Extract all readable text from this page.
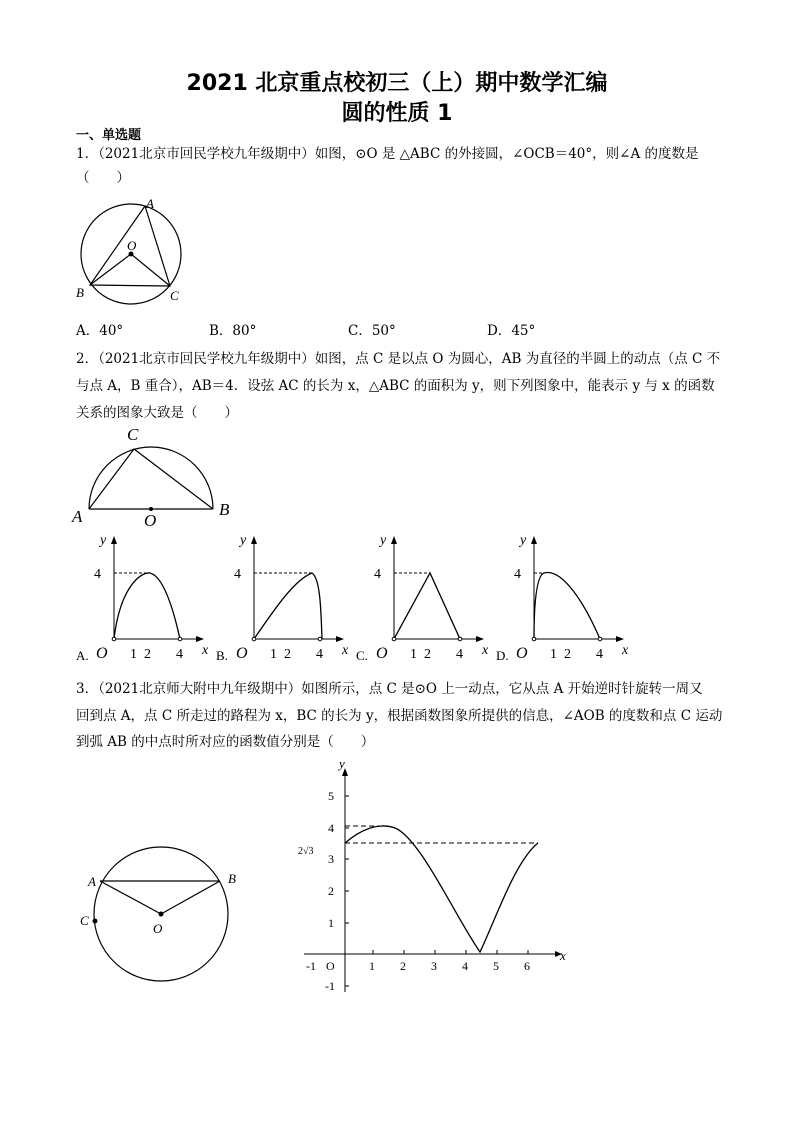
2021 北京重点校初三（上）期中数学汇编
圆的性质 1
一、单选题
1．（2021北京市回民学校九年级期中）如图，⊙O 是 △ABC 的外接圆，∠OCB＝40°，则∠A 的度数是
（　　）
A
O
B	C
A．40°	B．80°	C．50°	D．45°
2．（2021北京市回民学校九年级期中）如图，点 C 是以点 O 为圆心，AB 为直径的半圆上的动点（点 C 不
与点 A，B 重合），AB＝4．设弦 AC 的长为 x，△ABC 的面积为 y，则下列图象中，能表示 y 与 x 的函数
关系的图象大致是（　　）
C
A	O
B
y
x
4
O 1 2 4
A.
y
x
4
O 1 2 4
B.
y
x
4
O 1 2 4
C.
y
x
4
O 1 2 4
D.
3．（2021北京师大附中九年级期中）如图所示，点 C 是⊙O 上一动点，它从点 A 开始逆时针旋转一周又
回到点 A，点 C 所走过的路程为 x，BC 的长为 y，根据函数图象所提供的信息，∠AOB 的度数和点 C 运动
到弧 AB 的中点时所对应的函数值分别是（　　）
A	B
C
O
y
x
O
5
4
3
2
1
-1
2√3
-1	1 2 3 4 5 6
